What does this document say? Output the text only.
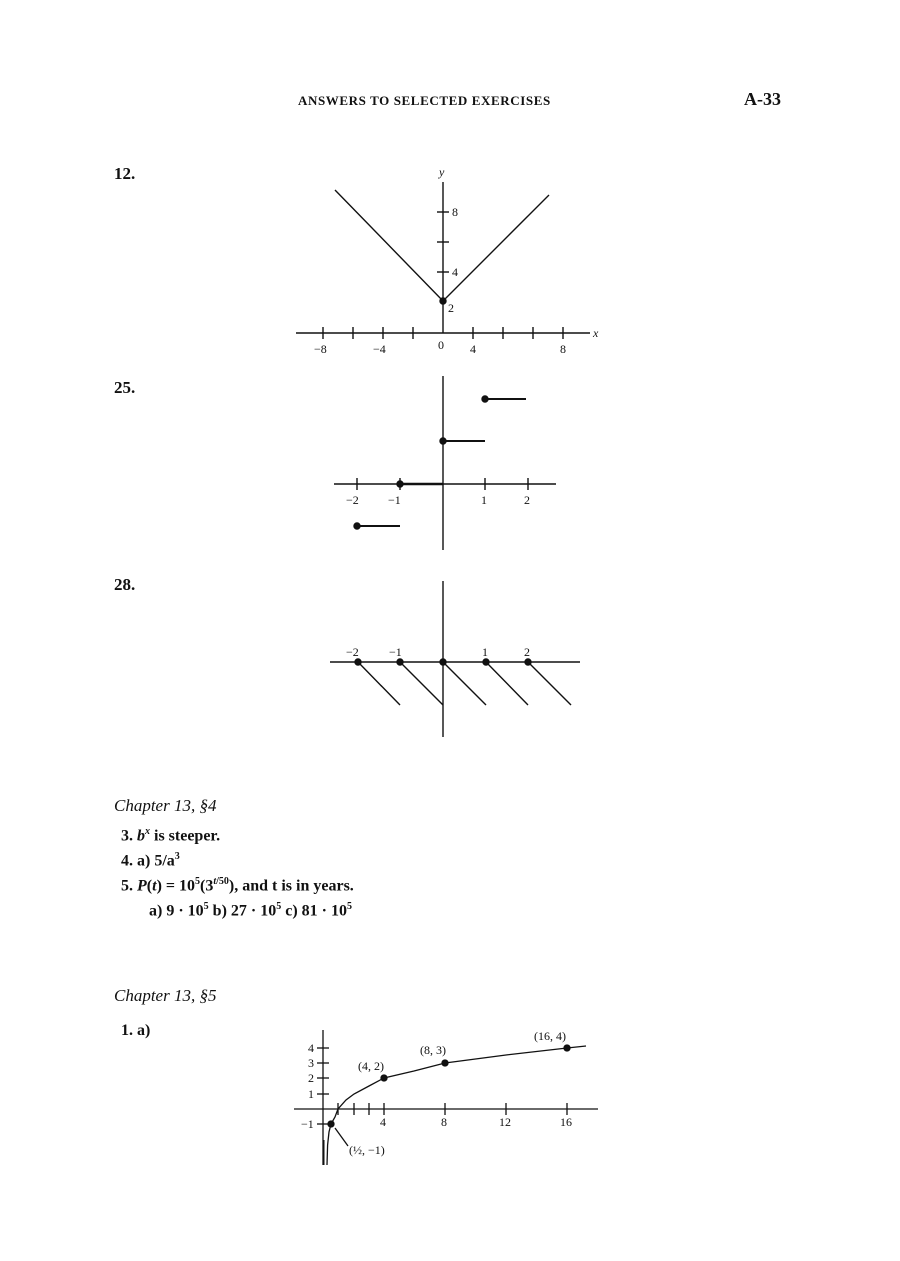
ANSWERS TO SELECTED EXERCISES	A-33
12.
25.
28.
y
x
−8	−4	0 4	8
8
4
2
−2 −1	1	2
−2	−1	1	2
(16, 4)
(8, 3)
(4, 2)
(½, −1)
4	8	12	16
4
3
2
1
−1
Chapter 13, §4
3. $b^x$ is steeper.
4. a) $5/a^3$
5. $P(t) = 10^5(3^{t/50})$, and t is in years.
a) $9 \cdot 10^5$ b) $27 \cdot 10^5$ c) $81 \cdot 10^5$
Chapter 13, §5
1. a)
